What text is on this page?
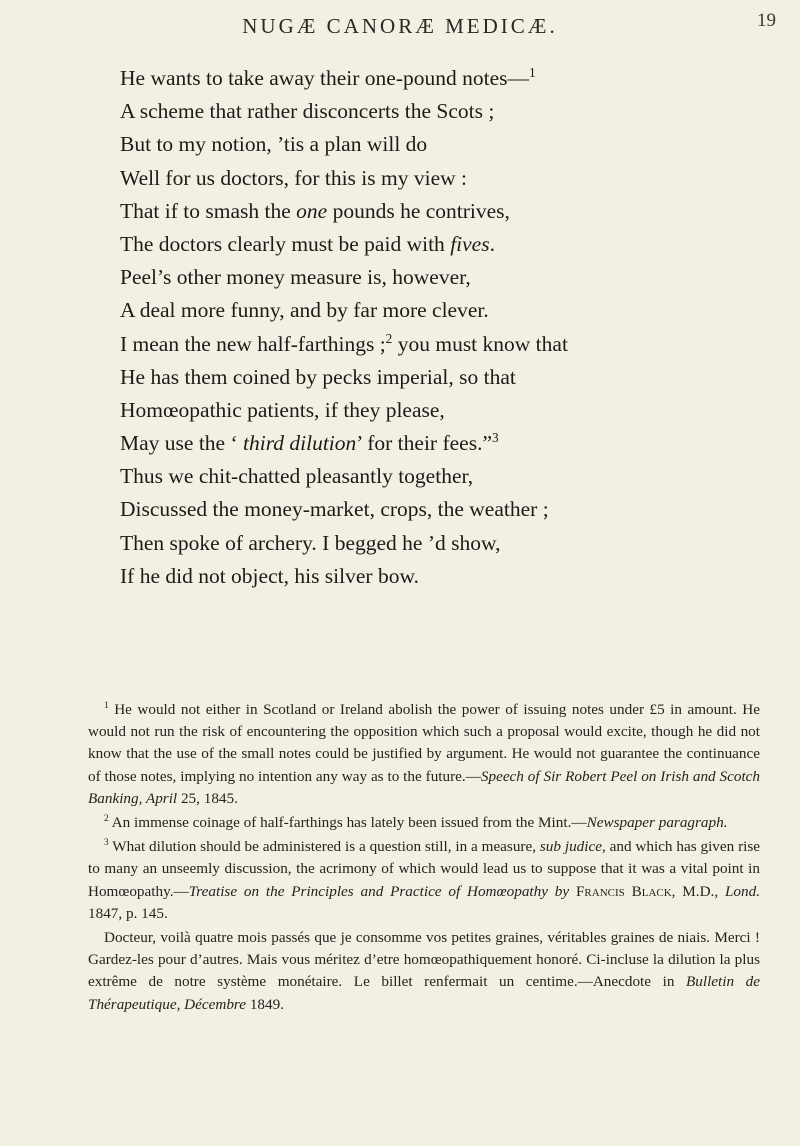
NUGÆ CANORÆ MEDICÆ.	19
He wants to take away their one-pound notes—$^1$
A scheme that rather disconcerts the Scots ;
But to my notion, ’tis a plan will do
Well for us doctors, for this is my view :
That if to smash the one pounds he contrives,
The doctors clearly must be paid with fives.
Peel’s other money measure is, however,
A deal more funny, and by far more clever.
I mean the new half-farthings ;$^2$ you must know that
He has them coined by pecks imperial, so that
Homœopathic patients, if they please,
May use the ‘ third dilution’ for their fees.”$^3$
Thus we chit-chatted pleasantly together,
Discussed the money-market, crops, the weather ;
Then spoke of archery. I begged he ’d show,
If he did not object, his silver bow.

$^1$ He would not either in Scotland or Ireland abolish the power of issuing notes under £5 in amount. He would not run the risk of encountering the opposition which such a proposal would excite, though he did not know that the use of the small notes could be justified by argument. He would not guarantee the continuance of those notes, implying no intention any way as to the future.—Speech of Sir Robert Peel on Irish and Scotch Banking, April 25, 1845.

$^2$ An immense coinage of half-farthings has lately been issued from the Mint.—Newspaper paragraph.

$^3$ What dilution should be administered is a question still, in a measure, sub judice, and which has given rise to many an unseemly discussion, the acrimony of which would lead us to suppose that it was a vital point in Homœopathy.—Treatise on the Principles and Practice of Homœopathy by Francis Black, M.D., Lond. 1847, p. 145.

Docteur, voilà quatre mois passés que je consomme vos petites graines, véritables graines de niais. Merci ! Gardez-les pour d’autres. Mais vous méritez d’etre homœopathiquement honoré. Ci-incluse la dilution la plus extrême de notre système monétaire. Le billet renfermait un centime.—Anecdote in Bulletin de Thérapeutique, Décembre 1849.
